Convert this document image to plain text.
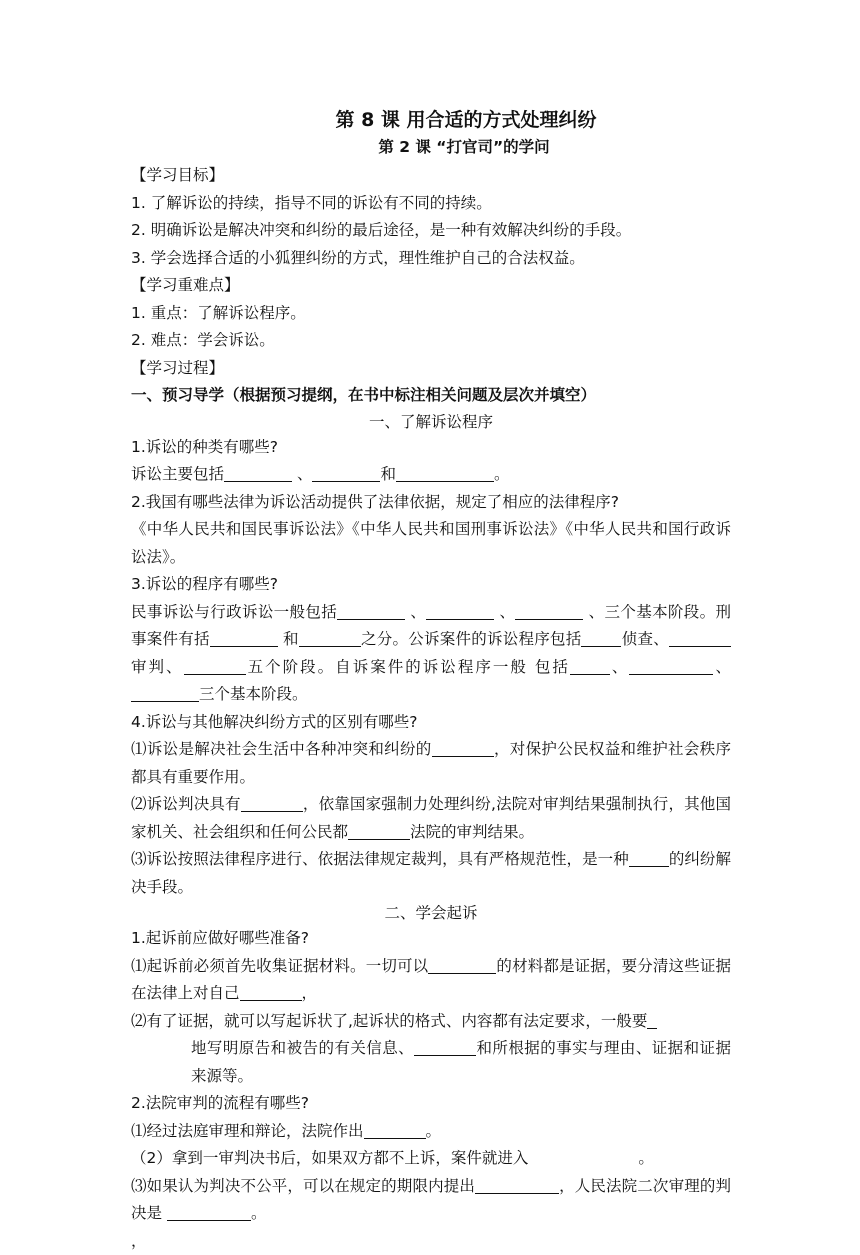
第 8 课 用合适的方式处理纠纷
第 2 课 “打官司”的学问
【学习目标】
1. 了解诉讼的持续，指导不同的诉讼有不同的持续。
2. 明确诉讼是解决冲突和纠纷的最后途径，是一种有效解决纠纷的手段。
3. 学会选择合适的小狐狸纠纷的方式，理性维护自己的合法权益。
【学习重难点】
1. 重点：了解诉讼程序。
2. 难点：学会诉讼。
【学习过程】
一、预习导学（根据预习提纲，在书中标注相关问题及层次并填空）
一、了解诉讼程序
1.诉讼的种类有哪些?
诉讼主要包括	、	和	。
2.我国有哪些法律为诉讼活动提供了法律依据，规定了相应的法律程序?
《中华人民共和国民事诉讼法》《中华人民共和国刑事诉讼法》《中华人民共和国行政诉讼法》。
3.诉讼的程序有哪些?
民事诉讼与行政诉讼一般包括	、	、	、三个基本阶段。刑事案件有括	和	之分。公诉案件的诉讼程序包括	侦查、审判、	五个阶段。自诉案件的诉讼程序一般 包括	、	、三个基本阶段。
4.诉讼与其他解决纠纷方式的区别有哪些?
⑴诉讼是解决社会生活中各种冲突和纠纷的	，对保护公民权益和维护社会秩序都具有重要作用。
⑵诉讼判决具有	，依靠国家强制力处理纠纷,法院对审判结果强制执行，其他国家机关、社会组织和任何公民都	法院的审判结果。
⑶诉讼按照法律程序进行、依据法律规定裁判，具有严格规范性，是一种	的纠纷解决手段。
二、学会起诉
1.起诉前应做好哪些准备?
⑴起诉前必须首先收集证据材料。一切可以	的材料都是证据，要分清这些证据在法律上对自己	，
⑵有了证据，就可以写起诉状了,起诉状的格式、内容都有法定要求，一般要
地写明原告和被告的有关信息、	和所根据的事实与理由、证据和证据来源等。
2.法院审判的流程有哪些?
⑴经过法庭审理和辩论，法院作出	。
（2）拿到一审判决书后，如果双方都不上诉，案件就进入	。
⑶如果认为判决不公平，可以在规定的期限内提出	，人民法院二次审理的判决是	。
，
